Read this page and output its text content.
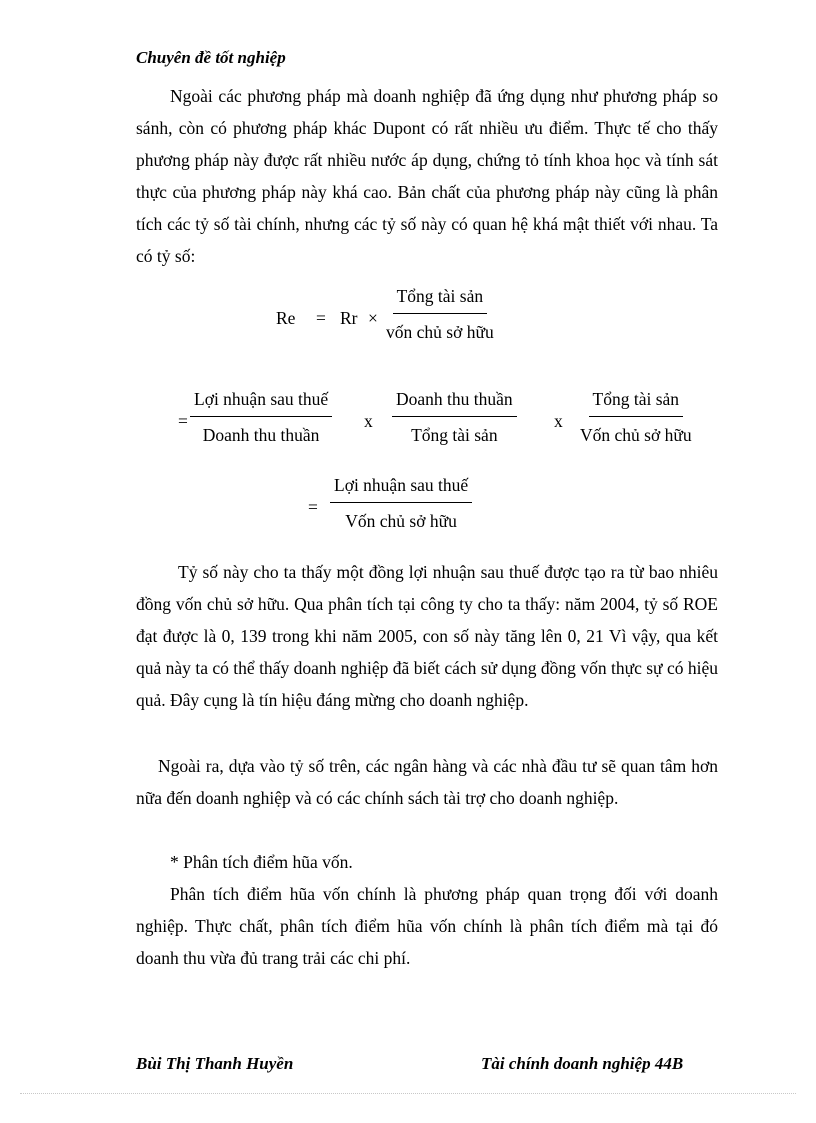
Chuyên đề tốt nghiệp

Ngoài các phương pháp mà doanh nghiệp đã ứng dụng như phương pháp so sánh, còn có phương pháp khác Dupont có rất nhiều ưu điểm. Thực tế cho thấy phương pháp này được rất nhiều nước áp dụng, chứng tỏ tính khoa học và tính sát thực của phương pháp này khá cao. Bản chất của phương pháp này cũng là phân tích các tỷ số tài chính, nhưng các tỷ số này có quan hệ khá mật thiết với nhau. Ta có tỷ số:

Re = Rr ×
Tổng tài sản
vốn chủ sở hữu
=
Lợi nhuận sau thuế
Doanh thu thuần
x
Doanh thu thuần
Tổng tài sản
x
Tổng tài sản
Vốn chủ sở hữu
=
Lợi nhuận sau thuế
Vốn chủ sở hữu

Tỷ số này cho ta thấy một đồng lợi nhuận sau thuế được tạo ra từ bao nhiêu đồng vốn chủ sở hữu. Qua phân tích tại công ty cho ta thấy: năm 2004, tỷ số ROE đạt được là 0, 139 trong khi năm 2005, con số này tăng lên 0, 21 Vì vậy, qua kết quả này ta có thể thấy doanh nghiệp đã biết cách sử dụng đồng vốn thực sự có hiệu quả. Đây cụng là tín hiệu đáng mừng cho doanh nghiệp.

Ngoài ra, dựa vào tỷ số trên, các ngân hàng và các nhà đầu tư sẽ quan tâm hơn nữa đến doanh nghiệp và có các chính sách tài trợ cho doanh nghiệp.

* Phân tích điểm hũa vốn.

Phân tích điểm hũa vốn chính là phương pháp quan trọng đối với doanh nghiệp. Thực chất, phân tích điểm hũa vốn chính là phân tích điểm mà tại đó doanh thu vừa đủ trang trải các chi phí.

Bùi Thị Thanh Huyền	Tài chính doanh nghiệp 44B
